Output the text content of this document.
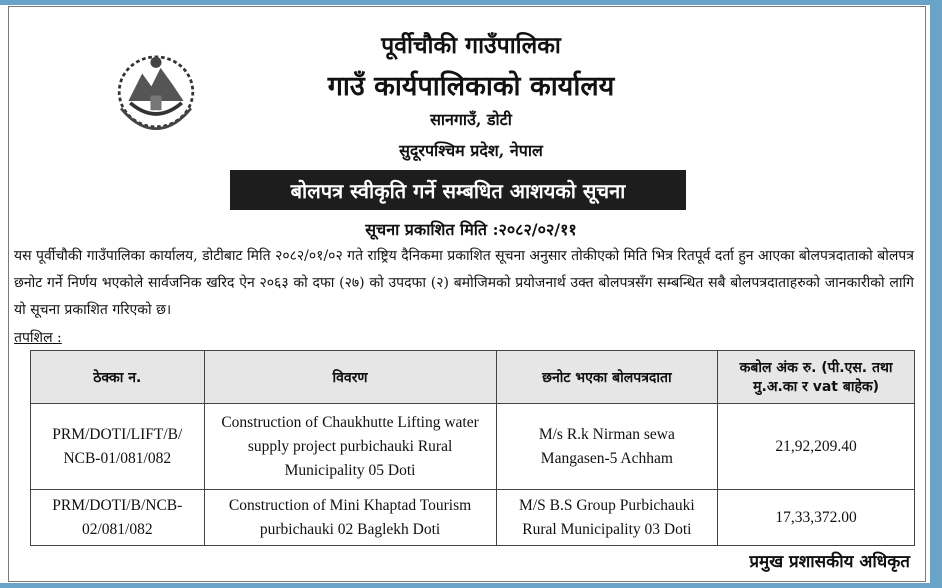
पूर्वीचौकी गाउँपालिका
गाउँ कार्यपालिकाको कार्यालय
सानगाउँ, डोटी
सुदूरपश्चिम प्रदेश, नेपाल
बोलपत्र स्वीकृति गर्ने सम्बधित आशयको सूचना
सूचना प्रकाशित मिति :२०८२/०२/११
यस पूर्वीचौकी गाउँपालिका कार्यालय, डोटीबाट मिति २०८२/०१/०२ गते राष्ट्रिय दैनिकमा प्रकाशित सूचना अनुसार तोकीएको मिति भित्र रितपूर्व दर्ता हुन आएका बोलपत्रदाताको बोलपत्र छनोट गर्ने निर्णय भएकोले सार्वजनिक खरिद ऐन २०६३ को दफा (२७) को उपदफा (२) बमोजिमको प्रयोजनार्थ उक्त बोलपत्रसँग सम्बन्धित सबै बोलपत्रदाताहरुको जानकारीको लागि यो सूचना प्रकाशित गरिएको छ।
तपशिल :
ठेक्का न.	विवरण	छनोट भएका बोलपत्रदाता	कबोल अंक रु. (पी.एस. तथा मु.अ.का र vat बाहेक)
PRM/DOTI/LIFT/B/ NCB-01/081/082	Construction of Chaukhutte Lifting water supply project purbichauki Rural Municipality 05 Doti	M/s R.k Nirman sewa Mangasen-5 Achham	21,92,209.40
PRM/DOTI/B/NCB- 02/081/082	Construction of Mini Khaptad Tourism purbichauki 02 Baglekh Doti	M/S B.S Group Purbichauki Rural Municipality 03 Doti	17,33,372.00
प्रमुख प्रशासकीय अधिकृत
